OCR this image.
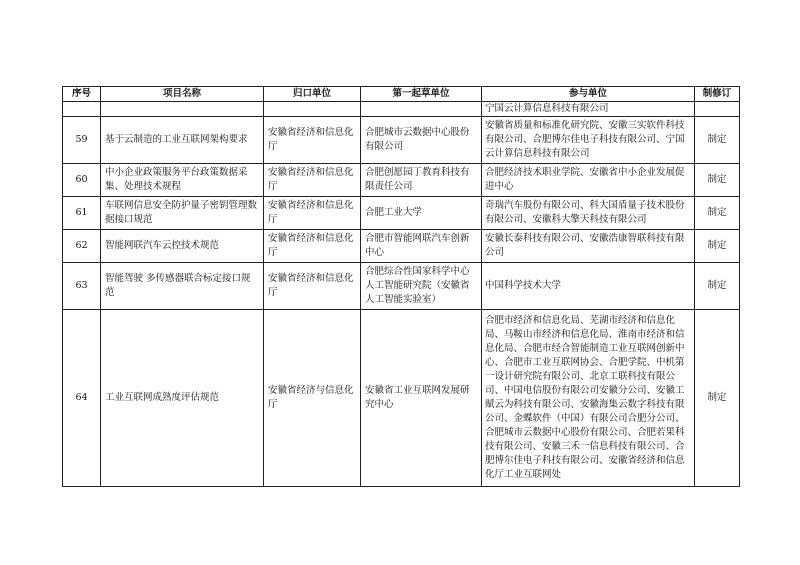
序号	项目名称	归口单位	第一起草单位	参与单位	制修订
				宁国云计算信息科技有限公司	
59	基于云制造的工业互联网架构要求	安徽省经济和信息化厅	合肥城市云数据中心股份有限公司	安徽省质量和标准化研究院、安徽三实软件科技有限公司、合肥博尔佳电子科技有限公司、宁国云计算信息科技有限公司	制定
60	中小企业政策服务平台政策数据采集、处理技术规程	安徽省经济和信息化厅	合肥创愿园丁教育科技有限责任公司	合肥经济技术职业学院、安徽省中小企业发展促进中心	制定
61	车联网信息安全防护量子密钥管理数据接口规范	安徽省经济和信息化厅	合肥工业大学	奇瑞汽车股份有限公司、科大国盾量子技术股份有限公司、安徽科大擎天科技有限公司	制定
62	智能网联汽车云控技术规范	安徽省经济和信息化厅	合肥市智能网联汽车创新中心	安徽长泰科技有限公司、安徽浩康智联科技有限公司	制定
63	智能驾驶 多传感器联合标定接口规范	安徽省经济和信息化厅	合肥综合性国家科学中心人工智能研究院（安徽省人工智能实验室）	中国科学技术大学	制定
64	工业互联网成熟度评估规范	安徽省经济与信息化厅	安徽省工业互联网发展研究中心	合肥市经济和信息化局、芜湖市经济和信息化局、马鞍山市经济和信息化局、淮南市经济和信息化局、合肥市经合智能制造工业互联网创新中心、合肥市工业互联网协会、合肥学院、中机第一设计研究院有限公司、北京工联科技有限公司、中国电信股份有限公司安徽分公司、安徽工赋云为科技有限公司、安徽海集云数字科技有限公司、金蝶软件（中国）有限公司合肥分公司、合肥城市云数据中心股份有限公司、合肥若果科技有限公司、安徽三禾一信息科技有限公司、合肥博尔佳电子科技有限公司、安徽省经济和信息化厅工业互联网处	制定
